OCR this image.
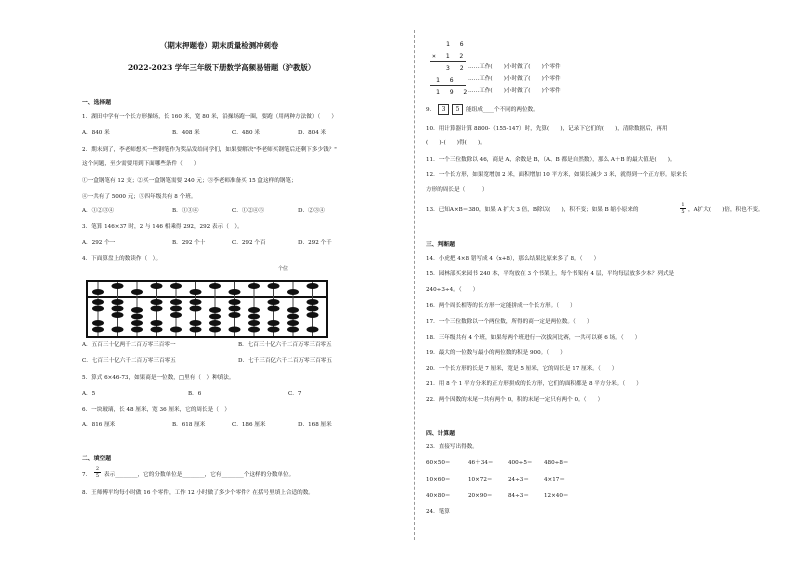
（期末押题卷）期末质量检测冲刺卷
2022-2023 学年三年级下册数学高频易错题（沪教版）
一、选择题
1．湖田中学有一个长方形操场，长 160 米，宽 80 米，沿操场跑一圈，要跑（用两种方法做）（　　）
A．840 米	B．408 米	C．480 米	D．804 米
2．期末到了，李老师想买一些钢笔作为奖品发给同学们，如果要解决"李老师买钢笔后还剩下多少钱？"
这个问题，至少需要用到下面哪些条件（　　）
①一盒钢笔有 12 支；②买一盒钢笔需要 240 元；③李老师准备买 15 盒这样的钢笔；
④一共有了 5000 元；⑤四年级共有 8 个班。
A．①②③④	B．①③④	C．①②④⑤	D．②③④
3．笔算 146×37 时，2 与 146 相乘得 292，292 表示（　）。
A．292 个一	B．292 个十	C．292 个百	D．292 个千
4．下面算盘上的数读作（　）。
个位
A．五百三十亿两千二百万零三百零一	B．七百三十亿六千二百万零三百零五
C．七百三十亿六千二百万零三百零五	D．七千三百亿六千二百万零三百零五
5．算式 6×46-73，如果商是一位数，□里有（　）种填法。
A．5	B．6	C．7
6．一块玻璃，长 48 厘米，宽 36 厘米，它的周长是（　）
A．816 厘米	B．618 厘米	C．186 厘米	D．168 厘米
二、填空题
7．
2
5 表示________，它的分数单位是________，它有________个这样的分数单位。
8．王师傅平均每小时做 16 个零件，工作 12 小时做了多少个零件？在括号里填上合适的数。
1 6
× 1 2
3 2
1 6
1 9 2
……工作(　　)小时做了(　　)个零件
……工作(　　)小时做了(　　)个零件
……工作(　　)小时做了(　　)个零件
9．	3	5	能组成____个不同的两位数。
10．用计算器计算 8800-（155-147）时，先算(　　)，记录下它们的(　　)，清除数据后，再用
(　　)-(　　)得(　　)。
11．一个三位数除以 46，商是 A，余数是 B，（A、B 都是自然数），那么 A＋B 的最大值是(　　)。
12．一个长方形，如果宽增加 2 米，面积增加 10 平方米，如果长减少 3 米，就得到一个正方形。原来长
方形的周长是（　　　）
13．已知A×B＝380，如果 A 扩大 3 倍，B除以(　　)，积不变；如果 B 缩小原来的
1
5 ，A扩大(　　)倍，积也不变。
三、判断题
14．小虎把 4×8 错写成 4（x+8），那么结果比原来多了 8。（　　）
15．园林部买来园书 240 本，平均放在 3 个书架上，每个书架有 4 层，平均每层放多少本？列式是
240÷3÷4。（　　）
16．两个周长相等的长方形一定能拼成一个长方形。（　　）
17．一个三位数除以一个两位数，所得的商一定是两位数。（　　）
18．三年级共有 4 个班，如果每两个班进行一次拔河比赛，一共可以赛 6 场。（　　）
19．最大的一位数与最小的两位数的积是 900。（　　）
20．一个长方形的长是 7 厘米，宽是 5 厘米，它的周长是 17 厘米。（　　）
21．用 8 个 1 平方分米的正方形拼成的长方形，它们的面积都是 8 平方分米。（　　）
22．两个因数的末尾一共有两个 0，积的末尾一定只有两个 0。（　　）
四、计算题
23．直接写出得数。
60×50＝	46＋34＝	400÷5＝ 480÷8＝
10×60＝	10×72＝	24÷3＝	4×17＝
40×80＝	20×90＝	84÷3＝	12×40＝
24．笔算
